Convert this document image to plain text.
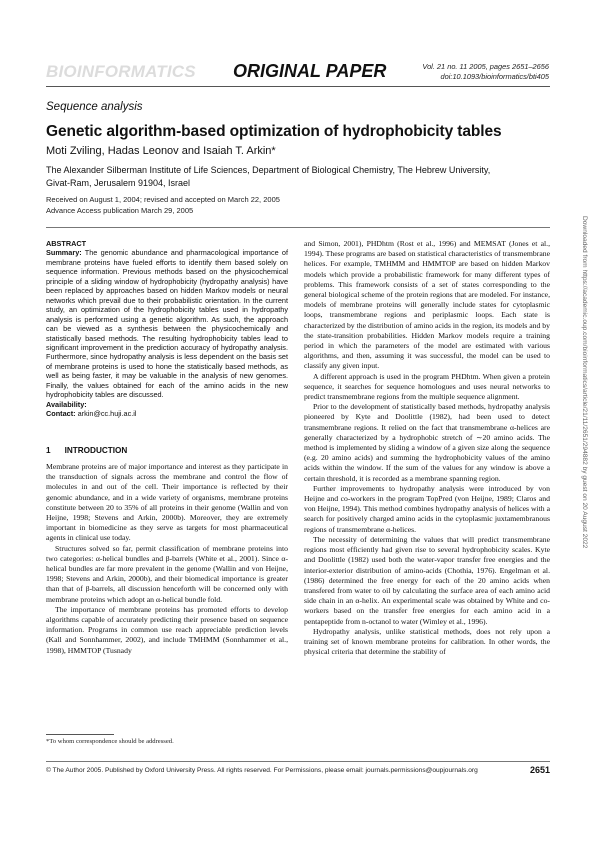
BIOINFORMATICS ORIGINAL PAPER	Vol. 21 no. 11 2005, pages 2651–2656
doi:10.1093/bioinformatics/bti405
Sequence analysis
Genetic algorithm-based optimization of hydrophobicity tables
Moti Zviling, Hadas Leonov and Isaiah T. Arkin*
The Alexander Silberman Institute of Life Sciences, Department of Biological Chemistry, The Hebrew University, Givat-Ram, Jerusalem 91904, Israel
Received on August 1, 2004; revised and accepted on March 22, 2005
Advance Access publication March 29, 2005
ABSTRACT
Summary: The genomic abundance and pharmacological importance of membrane proteins have fueled efforts to identify them based solely on sequence information. Previous methods based on the physicochemical principle of a sliding window of hydrophobicity (hydropathy analysis) have been replaced by approaches based on hidden Markov models or neural networks which prevail due to their probabilistic orientation. In the current study, an optimization of the hydrophobicity tables used in hydropathy analysis is performed using a genetic algorithm. As such, the approach can be viewed as a synthesis between the physicochemically and statistically based methods. The resulting hydrophobicity tables lead to significant improvement in the prediction accuracy of hydropathy analysis. Furthermore, since hydropathy analysis is less dependent on the basis set of membrane proteins is used to hone the statistically based methods, as well as being faster, it may be valuable in the analysis of new genomes. Finally, the values obtained for each of the amino acids in the new hydrophobicity tables are discussed.
Availability:
Contact: arkin@cc.huji.ac.il
1 INTRODUCTION

Membrane proteins are of major importance and interest as they participate in the transduction of signals across the membrane and control the flow of molecules in and out of the cell. Their importance is reflected by their genomic abundance, and in a wide variety of organisms, membrane proteins constitute between 20 to 35% of all proteins in their genome (Wallin and von Heijne, 1998; Stevens and Arkin, 2000b). Moreover, they are extremely important in biomedicine as they serve as targets for most pharmaceutical agents in clinical use today.

Structures solved so far, permit classification of membrane proteins into two categories: α-helical bundles and β-barrels (White et al., 2001). Since α-helical bundles are far more prevalent in the genome (Wallin and von Heijne, 1998; Stevens and Arkin, 2000b), and their biomedical importance is greater than that of β-barrels, all discussion henceforth will be concerned only with membrane proteins which adopt an α-helical bundle fold.

The importance of membrane proteins has promoted efforts to develop algorithms capable of accurately predicting their presence based on sequence information. Programs in common use reach appreciable prediction levels (Kall and Sonnhammer, 2002), and include TMHMM (Sonnhammer et al., 1998), HMMTOP (Tusnady

*To whom correspondence should be addressed.

and Simon, 2001), PHDhtm (Rost et al., 1996) and MEMSAT (Jones et al., 1994). These programs are based on statistical characteristics of transmembrane helices. For example, TMHMM and HMMTOP are based on hidden Markov models which provide a probabilistic framework for many different types of problems. This framework consists of a set of states corresponding to the general biological scheme of the protein regions that are modeled. For instance, models of membrane proteins will generally include states for cytoplasmic loops, transmembrane regions and periplasmic loops. Each state is characterized by the distribution of amino acids in the region, its models and by the state-transition probabilities. Hidden Markov models require a training period in which the parameters of the model are estimated with various algorithms, and then, assuming it was successful, the model can be used to classify any given input.

A different approach is used in the program PHDhtm. When given a protein sequence, it searches for sequence homologues and uses neural networks to predict transmembrane regions from the multiple sequence alignment.

Prior to the development of statistically based methods, hydropathy analysis pioneered by Kyte and Doolittle (1982), had been used to detect transmembrane regions. It relied on the fact that transmembrane α-helices are generally characterized by a hydrophobic stretch of ∼20 amino acids. The method is implemented by sliding a window of a given size along the sequence (e.g. 20 amino acids) and summing the hydrophobicity values of the amino acids within the window. If the sum of the values for any window is above a certain threshold, it is recorded as a membrane spanning region.

Further improvements to hydropathy analysis were introduced by von Heijne and co-workers in the program TopPred (von Heijne, 1989; Claros and von Heijne, 1994). This method combines hydropathy analysis of helices with a search for positively charged amino acids in the cytoplasmic juxtamembranous regions of transmembrane α-helices.

The necessity of determining the values that will predict transmembrane regions most efficiently had given rise to several hydrophobicity scales. Kyte and Doolittle (1982) used both the water-vapor transfer free energies and the interior-exterior distribution of amino-acids (Chothia, 1976). Engelman et al. (1986) determined the free energy for each of the 20 amino acids when transfered from water to oil by calculating the surface area of each amino acid side chain in an α-helix. An experimental scale was obtained by White and co-workers based on the transfer free energies for each amino acid in a pentapeptide from n-octanol to water (Wimley et al., 1996).

Hydropathy analysis, unlike statistical methods, does not rely upon a training set of known membrane proteins for calibration. In other words, the physical criteria that determine the stability of

© The Author 2005. Published by Oxford University Press. All rights reserved. For Permissions, please email: journals.permissions@oupjournals.org	2651
Downloaded from https://academic.oup.com/bioinformatics/article/21/11/2651/294882 by guest on 20 August 2022
